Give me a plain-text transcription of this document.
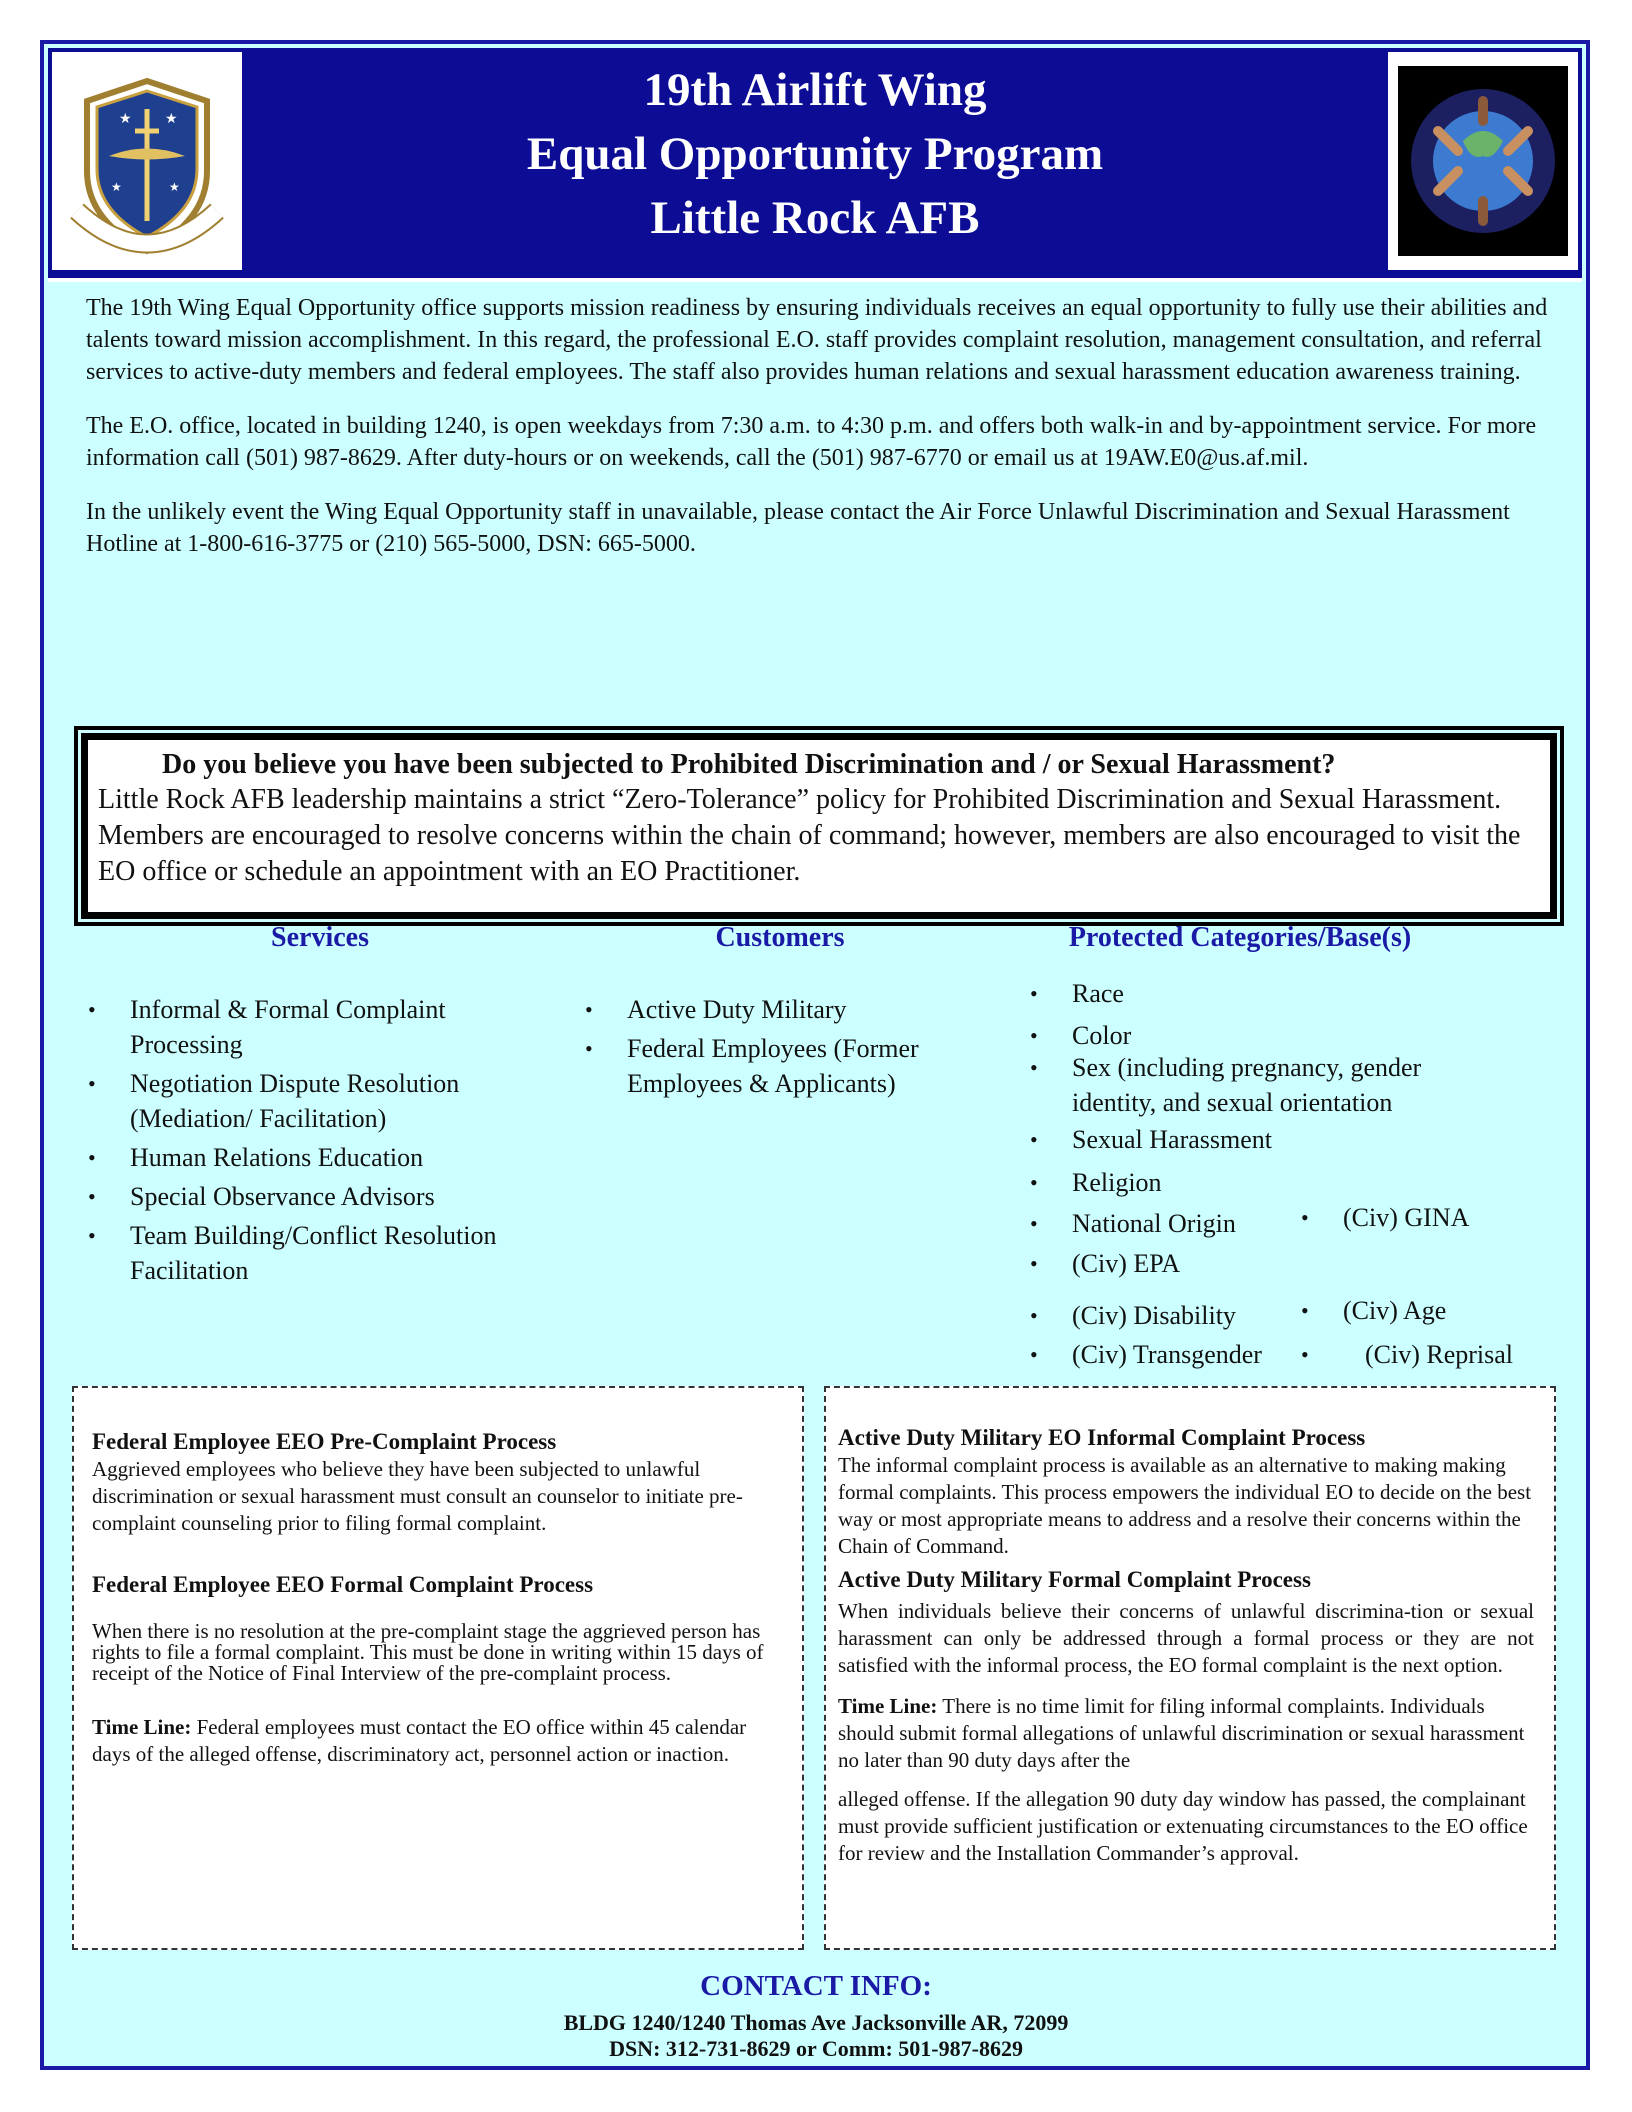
★ ★
★	★
19th Airlift Wing
Equal Opportunity Program
Little Rock AFB

The 19th Wing Equal Opportunity office supports mission readiness by ensuring individuals receives an equal opportunity to fully use their abilities and talents toward mission accomplishment. In this regard, the professional E.O. staff provides complaint resolution, management consultation, and referral services to active-duty members and federal employees. The staff also provides human relations and sexual harassment education awareness training.

The E.O. office, located in building 1240, is open weekdays from 7:30 a.m. to 4:30 p.m. and offers both walk-in and by-appointment service. For more information call (501) 987-8629. After duty-hours or on weekends, call the (501) 987-6770 or email us at 19AW.E0@us.af.mil.

In the unlikely event the Wing Equal Opportunity staff in unavailable, please contact the Air Force Unlawful Discrimination and Sexual Harassment Hotline at 1-800-616-3775 or (210) 565-5000, DSN: 665-5000.

Do you believe you have been subjected to Prohibited Discrimination and / or Sexual Harassment?
Little Rock AFB leadership maintains a strict “Zero-Tolerance” policy for Prohibited Discrimination and Sexual Harassment. Members are encouraged to resolve concerns within the chain of command; however, members are also encouraged to visit the EO office or schedule an appointment with an EO Practitioner.
Services	Customers	Protected Categories/Base(s)
• Informal & Formal Complaint Processing
• Negotiation Dispute Resolution (Mediation/ Facilitation)
• Human Relations Education
• Special Observance Advisors
• Team Building/Conflict Resolution Facilitation
• Active Duty Military
• Federal Employees (Former Employees & Applicants)
• Race
• Color
• Sex (including pregnancy, gender identity, and sexual orientation
• Sexual Harassment
• Religion
• National Origin
• (Civ) EPA
• (Civ) Disability
• (Civ) Transgender
• (Civ) GINA
• (Civ) Age
• (Civ) Reprisal
Federal Employee EEO Pre-Complaint Process

Aggrieved employees who believe they have been subjected to unlawful discrimination or sexual harassment must consult an counselor to initiate pre-complaint counseling prior to filing formal complaint.

Federal Employee EEO Formal Complaint Process

When there is no resolution at the pre-complaint stage the aggrieved person has rights to file a formal complaint. This must be done in writing within 15 days of receipt of the Notice of Final Interview of the pre-complaint process.

Time Line: Federal employees must contact the EO office within 45 calendar days of the alleged offense, discriminatory act, personnel action or inaction.

Active Duty Military EO Informal Complaint Process

The informal complaint process is available as an alternative to making making formal complaints. This process empowers the individual EO to decide on the best way or most appropriate means to address and a resolve their concerns within the Chain of Command.

Active Duty Military Formal Complaint Process

When individuals believe their concerns of unlawful discrimina-tion or sexual harassment can only be addressed through a formal process or they are not satisfied with the informal process, the EO formal complaint is the next option.

Time Line: There is no time limit for filing informal complaints. Individuals should submit formal allegations of unlawful discrimination or sexual harassment no later than 90 duty days after the

alleged offense. If the allegation 90 duty day window has passed, the complainant must provide sufficient justification or extenuating circumstances to the EO office for review and the Installation Commander’s approval.

CONTACT INFO:
BLDG 1240/1240 Thomas Ave Jacksonville AR, 72099
DSN: 312-731-8629 or Comm: 501-987-8629
